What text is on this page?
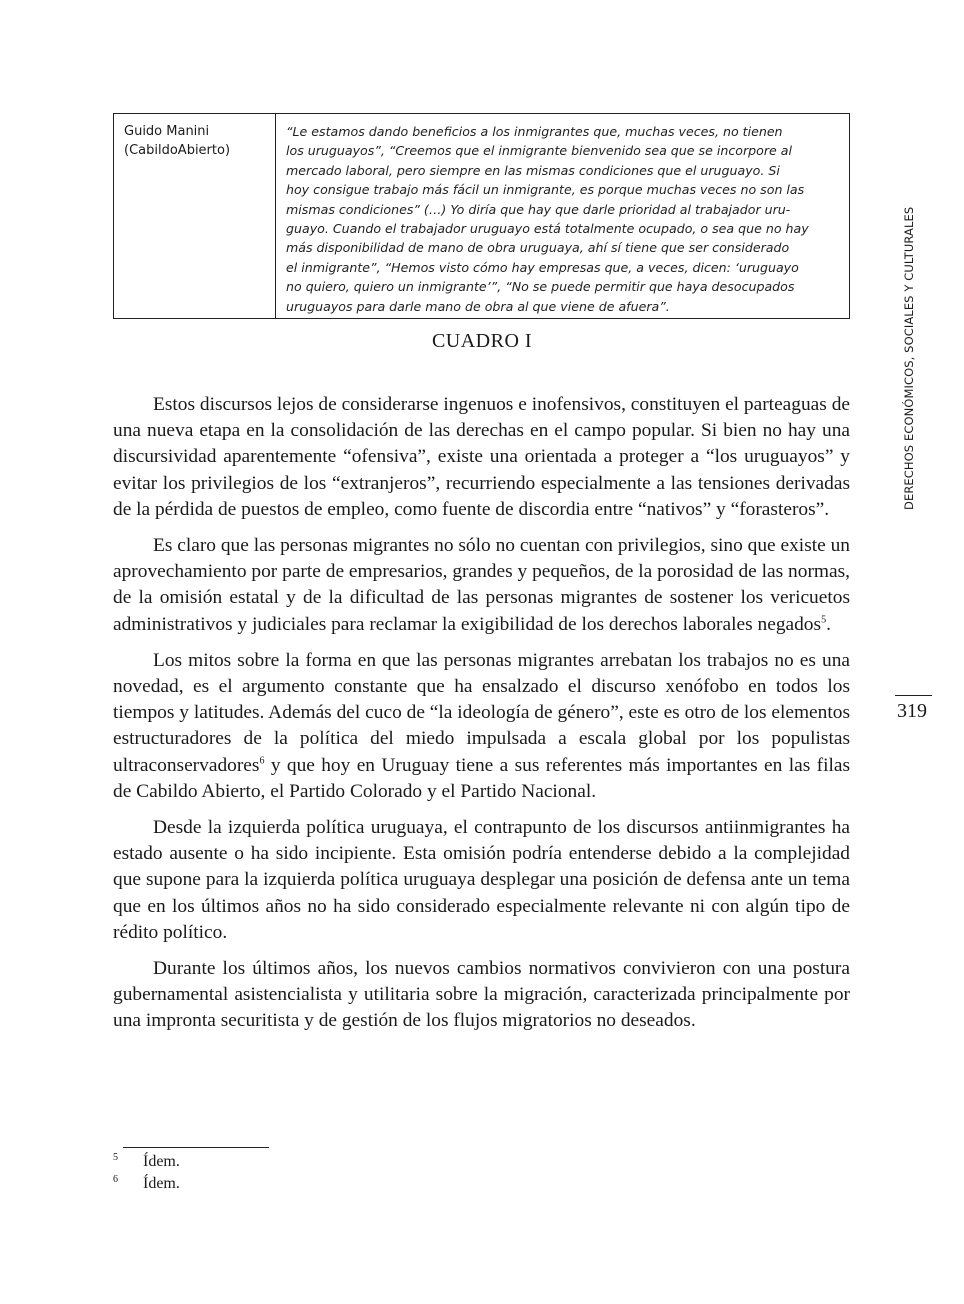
Guido Manini
(CabildoAbierto)
“Le estamos dando beneficios a los inmigrantes que, muchas veces, no tienen
los uruguayos”, “Creemos que el inmigrante bienvenido sea que se incorpore al
mercado laboral, pero siempre en las mismas condiciones que el uruguayo. Si
hoy consigue trabajo más fácil un inmigrante, es porque muchas veces no son las
mismas condiciones” (…) Yo diría que hay que darle prioridad al trabajador uru-
guayo. Cuando el trabajador uruguayo está totalmente ocupado, o sea que no hay
más disponibilidad de mano de obra uruguaya, ahí sí tiene que ser considerado
el inmigrante”, “Hemos visto cómo hay empresas que, a veces, dicen: ‘uruguayo
no quiero, quiero un inmigrante’”, “No se puede permitir que haya desocupados
uruguayos para darle mano de obra al que viene de afuera”.
CUADRO I

Estos discursos lejos de considerarse ingenuos e inofensivos, constituyen el parteaguas de una nueva etapa en la consolidación de las derechas en el campo popular. Si bien no hay una discursividad aparentemente “ofensiva”, existe una orientada a proteger a “los uruguayos” y evitar los privilegios de los “extranjeros”, recurriendo especialmente a las tensiones derivadas de la pérdida de puestos de empleo, como fuente de discordia entre “nativos” y “forasteros”.

Es claro que las personas migrantes no sólo no cuentan con privilegios, sino que existe un aprovechamiento por parte de empresarios, grandes y pequeños, de la porosidad de las normas, de la omisión estatal y de la dificultad de las personas migrantes de sostener los vericuetos administrativos y judiciales para reclamar la exigibilidad de los derechos laborales negados$^5$.

Los mitos sobre la forma en que las personas migrantes arrebatan los trabajos no es una novedad, es el argumento constante que ha ensalzado el discurso xenófobo en todos los tiempos y latitudes. Además del cuco de “la ideología de género”, este es otro de los elementos estructuradores de la política del miedo impulsada a escala global por los populistas ultraconservadores$^6$ y que hoy en Uruguay tiene a sus referentes más importantes en las filas de Cabildo Abierto, el Partido Colorado y el Partido Nacional.

Desde la izquierda política uruguaya, el contrapunto de los discursos antiinmigrantes ha estado ausente o ha sido incipiente. Esta omisión podría entenderse debido a la complejidad que supone para la izquierda política uruguaya desplegar una posición de defensa ante un tema que en los últimos años no ha sido considerado especialmente relevante ni con algún tipo de rédito político.

Durante los últimos años, los nuevos cambios normativos convivieron con una postura gubernamental asistencialista y utilitaria sobre la migración, caracterizada principalmente por una impronta securitista y de gestión de los flujos migratorios no deseados.

DERECHOS ECONÓMICOS, SOCIALES Y CULTURALES
319
5 Ídem.
6 Ídem.
